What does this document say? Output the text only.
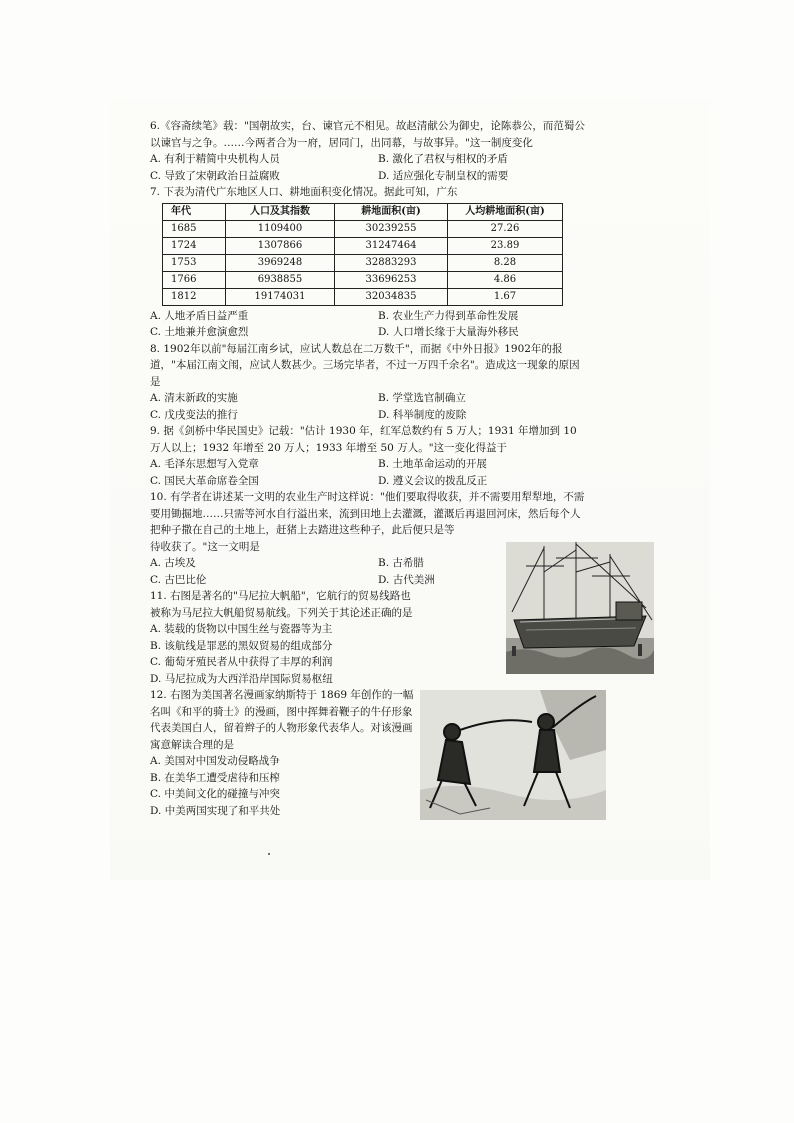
6.《容斋续笔》载："国朝故实，台、谏官元不相见。故赵清献公为御史，论陈恭公，而范蜀公以谏官与之争。……今两者合为一府，居同门，出同幕，与故事异。"这一制度变化

A. 有利于精简中央机构人员	B. 激化了君权与相权的矛盾
C. 导致了宋朝政治日益腐败	D. 适应强化专制皇权的需要

7. 下表为清代广东地区人口、耕地面积变化情况。据此可知，广东

年代	人口及其指数	耕地面积(亩)	人均耕地面积(亩)
1685	1109400	30239255	27.26
1724	1307866	31247464	23.89
1753	3969248	32883293	8.28
1766	6938855	33696253	4.86
1812	19174031	32034835	1.67
A. 人地矛盾日益严重	B. 农业生产力得到革命性发展
C. 土地兼并愈演愈烈	D. 人口增长缘于大量海外移民

8. 1902年以前"每届江南乡试，应试人数总在二万数千"，而据《中外日报》1902年的报道，"本届江南文闱，应试人数甚少。三场完毕者，不过一万四千余名"。造成这一现象的原因是

A. 清末新政的实施	B. 学堂选官制确立
C. 戊戌变法的推行	D. 科举制度的废除

9. 据《剑桥中华民国史》记载："估计 1930 年，红军总数约有 5 万人；1931 年增加到 10 万人以上；1932 年增至 20 万人；1933 年增至 50 万人。"这一变化得益于

A. 毛泽东思想写入党章	B. 土地革命运动的开展
C. 国民大革命席卷全国	D. 遵义会议的拨乱反正

10. 有学者在讲述某一文明的农业生产时这样说："他们要取得收获，并不需要用犁犁地，不需要用锄掘地……只需等河水自行溢出来，流到田地上去灌溉，灌溉后再退回河床，然后每个人把种子撒在自己的土地上，赶猪上去踏进这些种子，此后便只是等

待收获了。"这一文明是

A. 古埃及	B. 古希腊
C. 古巴比伦	D. 古代美洲

11. 右图是著名的"马尼拉大帆船"，它航行的贸易线路也被称为马尼拉大帆船贸易航线。下列关于其论述正确的是

A. 装载的货物以中国生丝与瓷器等为主
B. 该航线是罪恶的黑奴贸易的组成部分
C. 葡萄牙殖民者从中获得了丰厚的利润
D. 马尼拉成为大西洋沿岸国际贸易枢纽

12. 右图为美国著名漫画家纳斯特于 1869 年创作的一幅名叫《和平的骑士》的漫画，图中挥舞着鞭子的牛仔形象代表美国白人，留着辫子的人物形象代表华人。对该漫画寓意解读合理的是

A. 美国对中国发动侵略战争
B. 在美华工遭受虐待和压榨
C. 中美间文化的碰撞与冲突
D. 中美两国实现了和平共处
